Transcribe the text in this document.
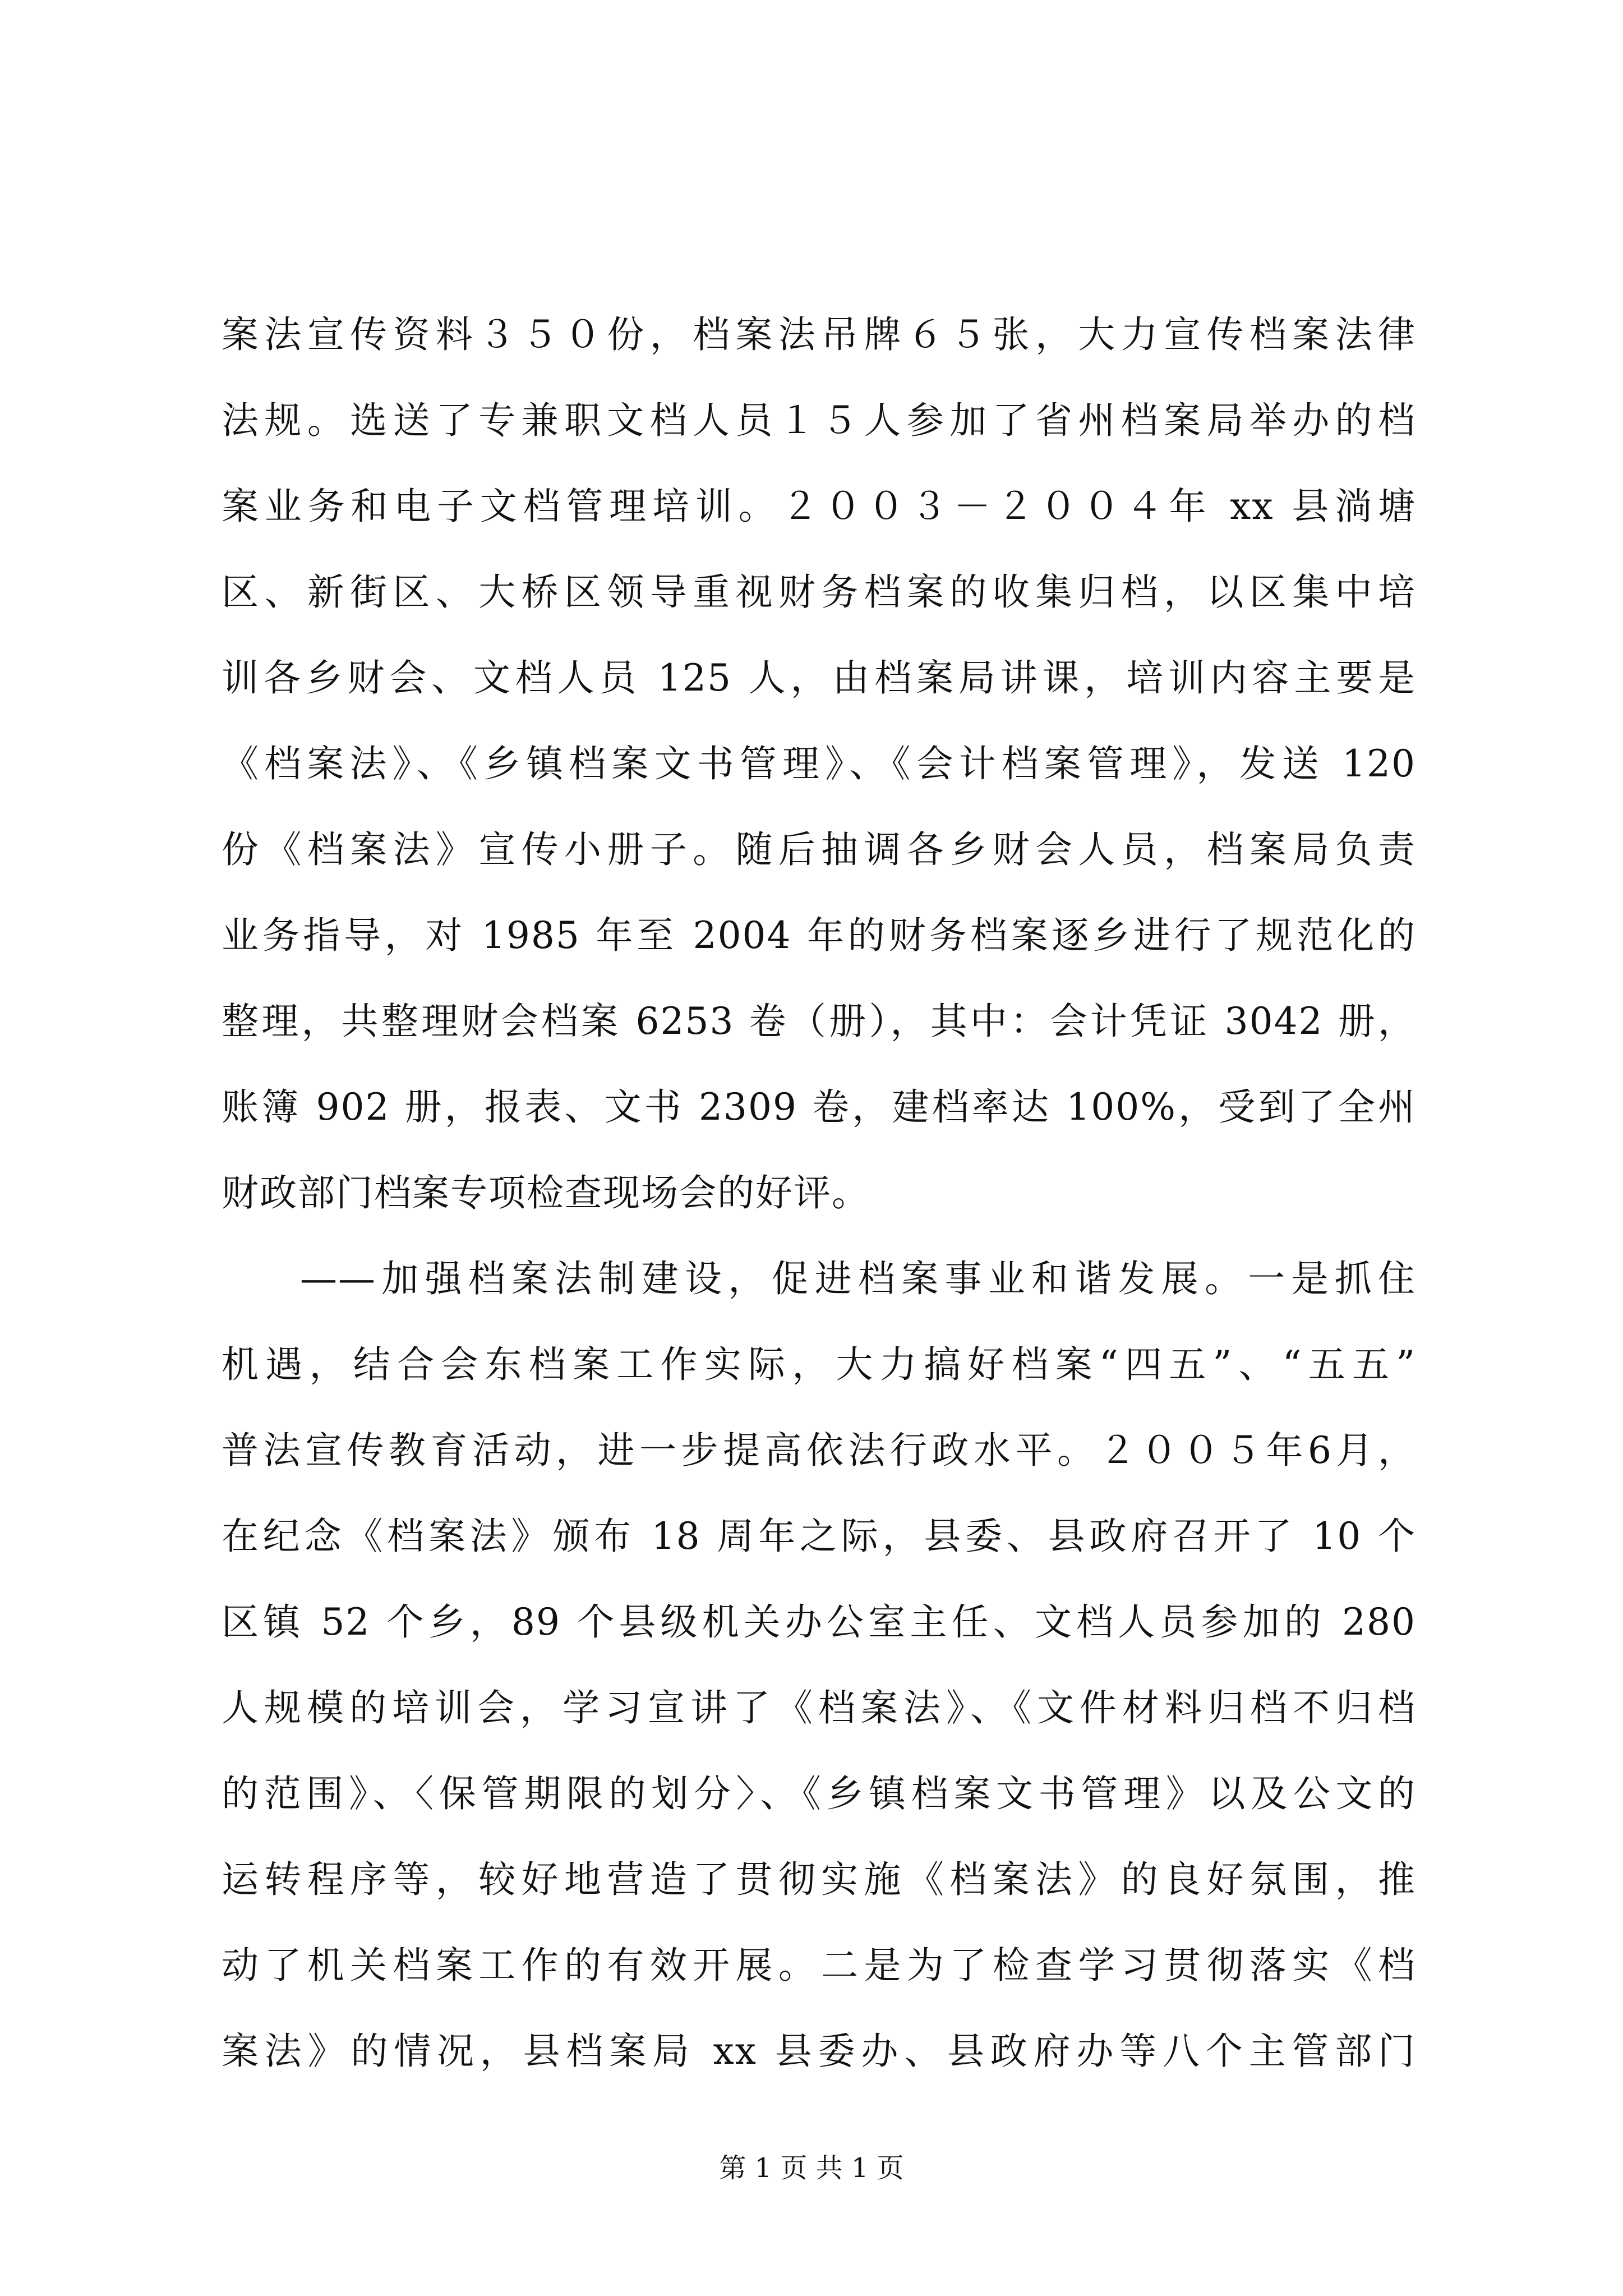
案法宣传资料３５０份，档案法吊牌６５张，大力宣传档案法律
法规。选送了专兼职文档人员１５人参加了省州档案局举办的档
案业务和电子文档管理培训。２００３－２００４年 xx 县淌塘
区、新街区、大桥区领导重视财务档案的收集归档，以区集中培
训各乡财会、文档人员 125 人，由档案局讲课，培训内容主要是
《档案法》、《乡镇档案文书管理》、《会计档案管理》，发送 120
份《档案法》宣传小册子。随后抽调各乡财会人员，档案局负责
业务指导，对 1985 年至 2004 年的财务档案逐乡进行了规范化的
整理，共整理财会档案 6253 卷（册），其中：会计凭证 3042 册，
账簿 902 册，报表、文书 2309 卷，建档率达 100%，受到了全州
财政部门档案专项检查现场会的好评。
——加强档案法制建设，促进档案事业和谐发展。一是抓住
机遇，结合会东档案工作实际，大力搞好档案“四五”、“五五”
普法宣传教育活动，进一步提高依法行政水平。２００５年6月，
在纪念《档案法》颁布 18 周年之际，县委、县政府召开了 10 个
区镇 52 个乡，89 个县级机关办公室主任、文档人员参加的 280
人规模的培训会，学习宣讲了《档案法》、《文件材料归档不归档
的范围》、〈保管期限的划分〉、《乡镇档案文书管理》以及公文的
运转程序等，较好地营造了贯彻实施《档案法》的良好氛围，推
动了机关档案工作的有效开展。二是为了检查学习贯彻落实《档
案法》的情况，县档案局 xx 县委办、县政府办等八个主管部门
第 1 页 共 1 页
